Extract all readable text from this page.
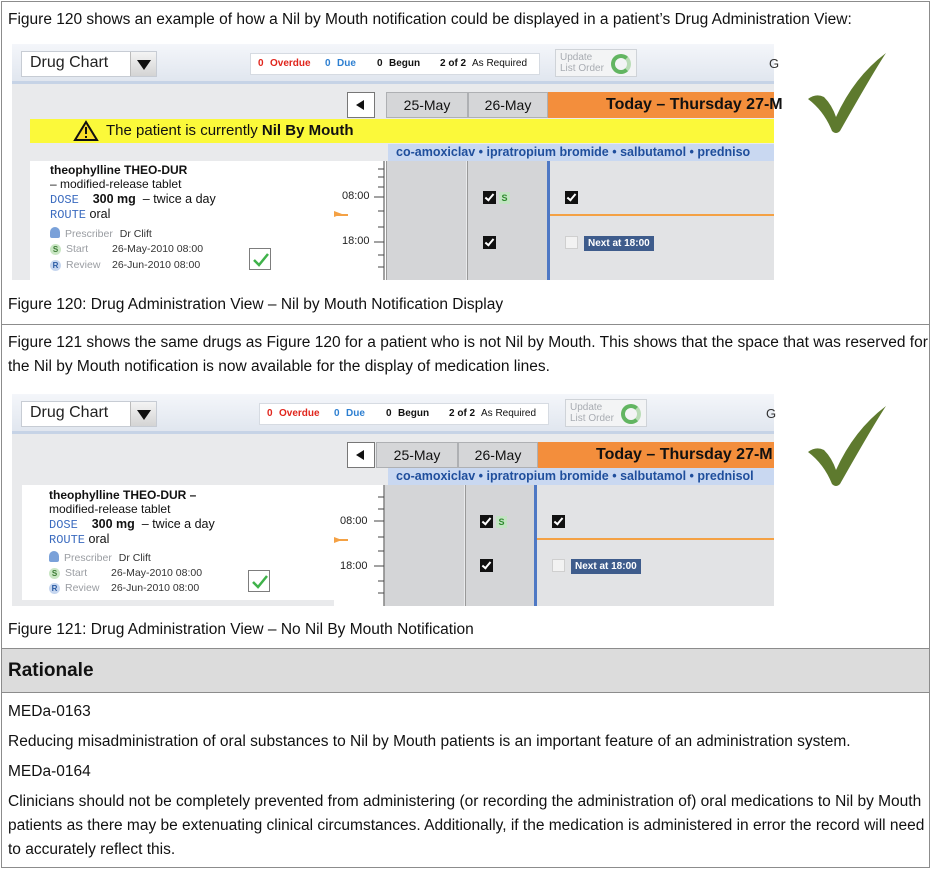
Figure 120 shows an example of how a Nil by Mouth notification could be displayed in a patient’s Drug Administration View:
Drug Chart	0 Overdue 0 Due 0 Begun 2 of 2 As Required
Update
List Order	G
25-May	26-May	Today – Thursday 27-M
The patient is currently Nil By Mouth
co-amoxiclav • ipratropium bromide • salbutamol • predniso
08:00
18:00
S
Next at 18:00
theophylline THEO-DUR
– modified-release tablet
DOSE 300 mg – twice a day
ROUTE oral
Prescriber Dr Clift
S Start 26-May-2010 08:00
R Review 26-Jun-2010 08:00
Figure 120: Drug Administration View – Nil by Mouth Notification Display
Figure 121 shows the same drugs as Figure 120 for a patient who is not Nil by Mouth. This shows that the space that was reserved for
the Nil by Mouth notification is now available for the display of medication lines.
Drug Chart	0 Overdue 0 Due 0 Begun 2 of 2 As Required
Update
List Order	G
25-May	26-May	Today – Thursday 27-M
co-amoxiclav • ipratropium bromide • salbutamol • prednisol
08:00
18:00
S
Next at 18:00
theophylline THEO-DUR –
modified-release tablet
DOSE 300 mg – twice a day
ROUTE oral
Prescriber Dr Clift
S Start 26-May-2010 08:00
R Review 26-Jun-2010 08:00
Figure 121: Drug Administration View – No Nil By Mouth Notification
Rationale
MEDa-0163
Reducing misadministration of oral substances to Nil by Mouth patients is an important feature of an administration system.
MEDa-0164
Clinicians should not be completely prevented from administering (or recording the administration of) oral medications to Nil by Mouth
patients as there may be extenuating clinical circumstances. Additionally, if the medication is administered in error the record will need
to accurately reflect this.
